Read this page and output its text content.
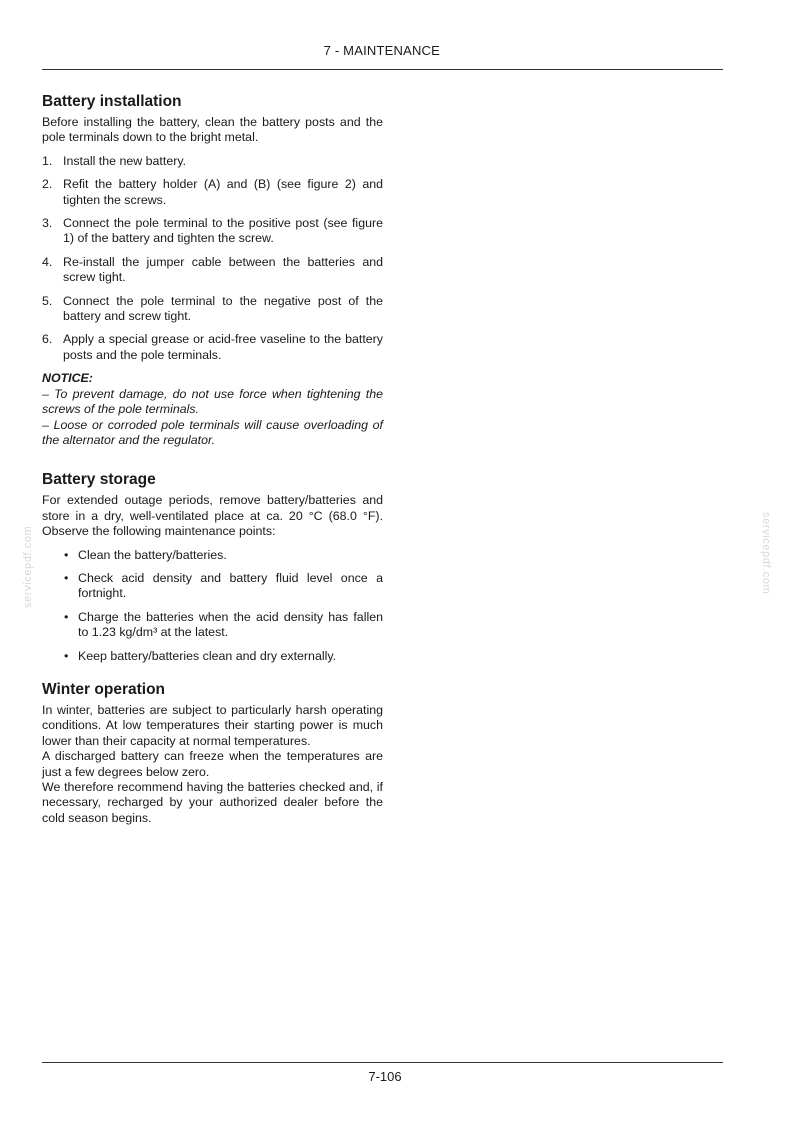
7 - MAINTENANCE
servicepdf.com	servicepdf.com
Battery installation

Before installing the battery, clean the battery posts and the pole terminals down to the bright metal.

1. Install the new battery.
2. Refit the battery holder (A) and (B) (see figure 2) and tighten the screws.
3. Connect the pole terminal to the positive post (see figure 1) of the battery and tighten the screw.
4. Re-install the jumper cable between the batteries and screw tight.
5. Connect the pole terminal to the negative post of the battery and screw tight.
6. Apply a special grease or acid-free vaseline to the battery posts and the pole terminals.
NOTICE:

– To prevent damage, do not use force when tightening the screws of the pole terminals.

– Loose or corroded pole terminals will cause overloading of the alternator and the regulator.

Battery storage

For extended outage periods, remove battery/batteries and store in a dry, well-ventilated place at ca. 20 °C (68.0 °F). Observe the following maintenance points:

• Clean the battery/batteries.
• Check acid density and battery fluid level once a fortnight.
• Charge the batteries when the acid density has fallen to 1.23 kg/dm³ at the latest.
• Keep battery/batteries clean and dry externally.
Winter operation

In winter, batteries are subject to particularly harsh operating conditions. At low temperatures their starting power is much lower than their capacity at normal temperatures.

A discharged battery can freeze when the temperatures are just a few degrees below zero.

We therefore recommend having the batteries checked and, if necessary, recharged by your authorized dealer before the cold season begins.

7-106
